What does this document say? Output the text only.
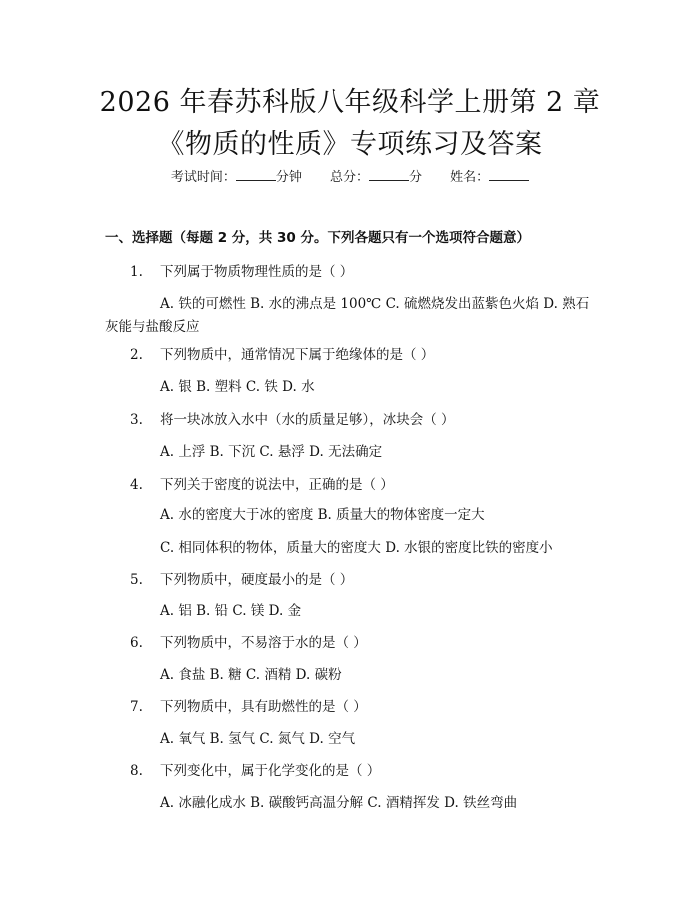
2026 年春苏科版八年级科学上册第 2 章《物质的性质》专项练习及答案
考试时间：	分钟 总分：	分 姓名：
一、选择题（每题 2 分，共 30 分。下列各题只有一个选项符合题意）
1. 下列属于物质物理性质的是（ ）
A. 铁的可燃性 B. 水的沸点是 100℃ C. 硫燃烧发出蓝紫色火焰 D. 熟石灰能与盐酸反应
2. 下列物质中，通常情况下属于绝缘体的是（ ）
A. 银 B. 塑料 C. 铁 D. 水
3. 将一块冰放入水中（水的质量足够），冰块会（ ）
A. 上浮 B. 下沉 C. 悬浮 D. 无法确定
4. 下列关于密度的说法中，正确的是（ ）
A. 水的密度大于冰的密度 B. 质量大的物体密度一定大
C. 相同体积的物体，质量大的密度大 D. 水银的密度比铁的密度小
5. 下列物质中，硬度最小的是（ ）
A. 铝 B. 铅 C. 镁 D. 金
6. 下列物质中，不易溶于水的是（ ）
A. 食盐 B. 糖 C. 酒精 D. 碳粉
7. 下列物质中，具有助燃性的是（ ）
A. 氧气 B. 氢气 C. 氮气 D. 空气
8. 下列变化中，属于化学变化的是（ ）
A. 冰融化成水 B. 碳酸钙高温分解 C. 酒精挥发 D. 铁丝弯曲
